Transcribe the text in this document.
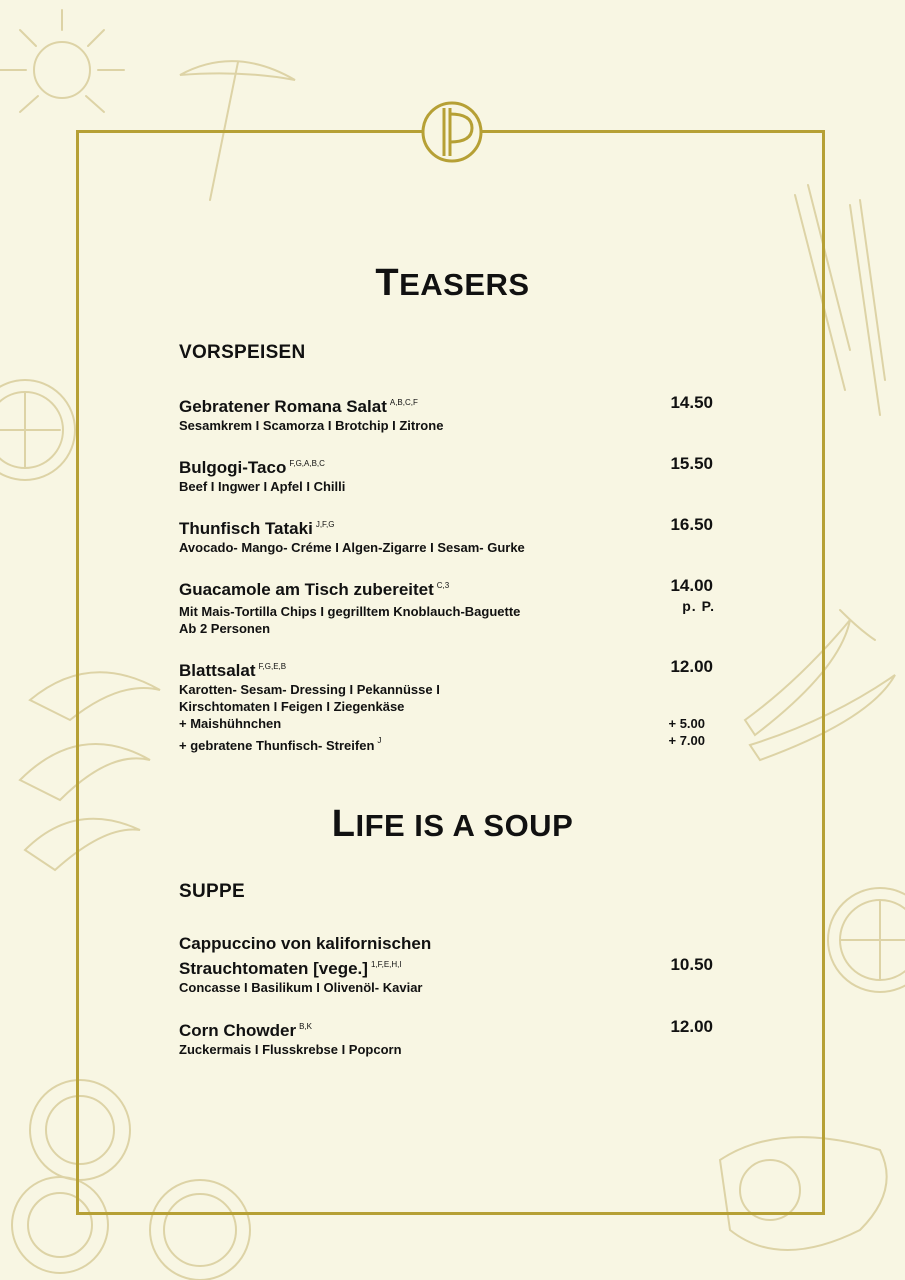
TEASERS
VORSPEISEN
Gebratener Romana Salat $^{A,B,C,F}$	14.50
Sesamkrem I Scamorza I Brotchip I Zitrone
Bulgogi-Taco $^{F,G,A,B,C}$	15.50
Beef I Ingwer I Apfel I Chilli
Thunfisch Tataki $^{J,F,G}$	16.50
Avocado- Mango- Créme I Algen-Zigarre I Sesam- Gurke
Guacamole am Tisch zubereitet $^{C,3}$	14.00
p. P.
Mit Mais-Tortilla Chips I gegrilltem Knoblauch-Baguette
Ab 2 Personen
Blattsalat $^{F,G,E,B}$	12.00
Karotten- Sesam- Dressing I Pekannüsse I
Kirschtomaten I Feigen I Ziegenkäse
+ Maishühnchen	+ 5.00
+ gebratene Thunfisch- Streifen $^J$	+ 7.00
LIFE IS A SOUP
SUPPE
Cappuccino von kalifornischen
Strauchtomaten [vege.] $^{1,F,E,H,I}$	10.50
Concasse I Basilikum I Olivenöl- Kaviar
Corn Chowder $^{B,K}$	12.00
Zuckermais I Flusskrebse I Popcorn
